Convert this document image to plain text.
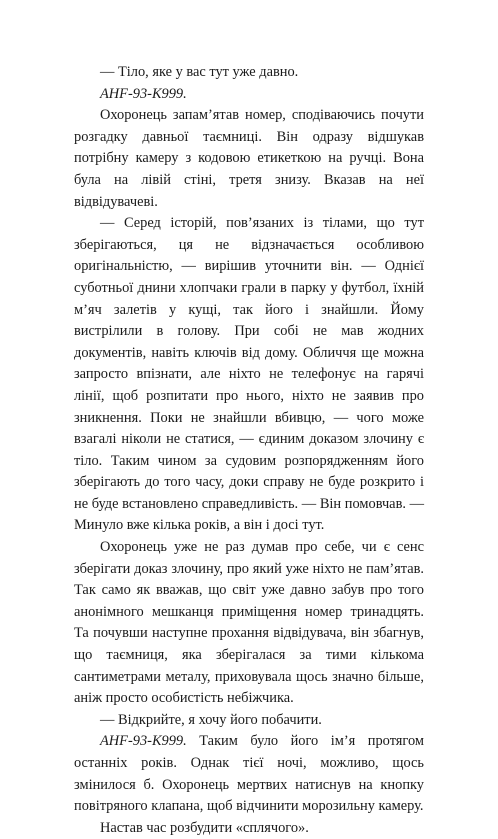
— Тіло, яке у вас тут уже давно.

AHF-93-K999.

Охоронець запам’ятав номер, сподіваючись почути розгадку давньої таємниці. Він одразу відшукав потрібну камеру з кодовою етикеткою на ручці. Вона була на лівій стіні, третя знизу. Вказав на неї відвідувачеві.

— Серед історій, пов’язаних із тілами, що тут зберігаються, ця не відзначається особливою оригінальністю, — вирішив уточнити він. — Однієї суботньої днини хлопчаки грали в парку у футбол, їхній м’яч залетів у кущі, так його і знайшли. Йому вистрілили в голову. При собі не мав жодних документів, навіть ключів від дому. Обличчя ще можна запросто впізнати, але ніхто не телефонує на гарячі лінії, щоб розпитати про нього, ніхто не заявив про зникнення. Поки не знайшли вбивцю, — чого може взагалі ніколи не статися, — єдиним доказом злочину є тіло. Таким чином за судовим розпорядженням його зберігають до того часу, доки справу не буде розкрито і не буде встановлено справедливість. — Він помовчав. — Минуло вже кілька років, а він і досі тут.

Охоронець уже не раз думав про себе, чи є сенс зберігати доказ злочину, про який уже ніхто не пам’ятав. Так само як вважав, що світ уже давно забув про того анонімного мешканця приміщення номер тринадцять. Та почувши наступне прохання відвідувача, він збагнув, що таємниця, яка зберігалася за тими кількома сантиметрами металу, приховувала щось значно більше, аніж просто особистість небіжчика.

— Відкрийте, я хочу його побачити.

AHF-93-K999. Таким було його ім’я протягом останніх років. Однак тієї ночі, можливо, щось змінилося б. Охоронець мертвих натиснув на кнопку повітряного клапана, щоб відчинити морозильну камеру.

Настав час розбудити «сплячого».
